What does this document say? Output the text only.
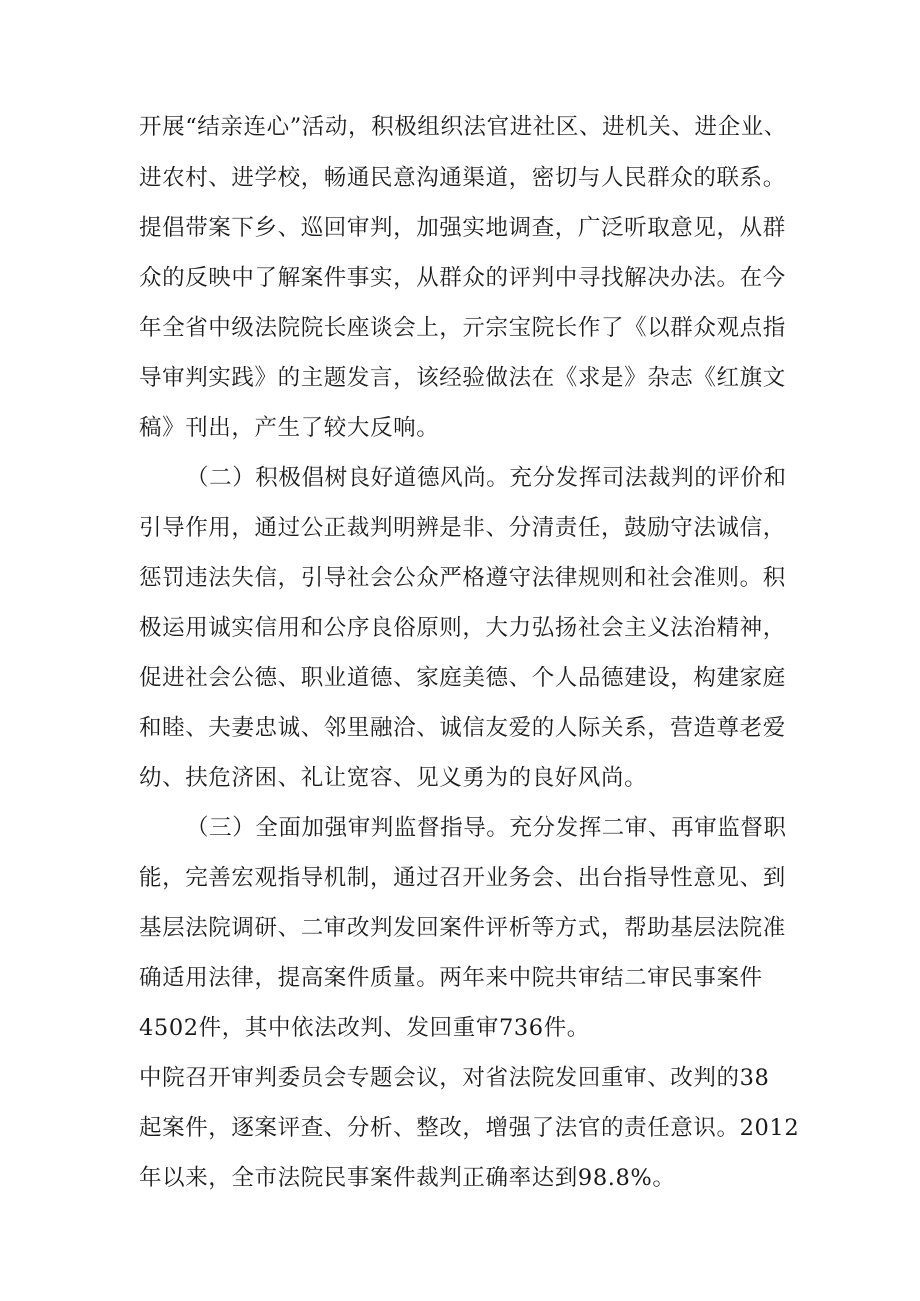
开展“结亲连心”活动，积极组织法官进社区、进机关、进企业、
进农村、进学校，畅通民意沟通渠道，密切与人民群众的联系。
提倡带案下乡、巡回审判，加强实地调查，广泛听取意见，从群
众的反映中了解案件事实，从群众的评判中寻找解决办法。在今
年全省中级法院院长座谈会上，亓宗宝院长作了《以群众观点指
导审判实践》的主题发言，该经验做法在《求是》杂志《红旗文
稿》刊出，产生了较大反响。
（二）积极倡树良好道德风尚。充分发挥司法裁判的评价和
引导作用，通过公正裁判明辨是非、分清责任，鼓励守法诚信，
惩罚违法失信，引导社会公众严格遵守法律规则和社会准则。积
极运用诚实信用和公序良俗原则，大力弘扬社会主义法治精神，
促进社会公德、职业道德、家庭美德、个人品德建设，构建家庭
和睦、夫妻忠诚、邻里融洽、诚信友爱的人际关系，营造尊老爱
幼、扶危济困、礼让宽容、见义勇为的良好风尚。
（三）全面加强审判监督指导。充分发挥二审、再审监督职
能，完善宏观指导机制，通过召开业务会、出台指导性意见、到
基层法院调研、二审改判发回案件评析等方式，帮助基层法院准
确适用法律，提高案件质量。两年来中院共审结二审民事案件
4502件，其中依法改判、发回重审736件。
中院召开审判委员会专题会议，对省法院发回重审、改判的38
起案件，逐案评查、分析、整改，增强了法官的责任意识。2012
年以来，全市法院民事案件裁判正确率达到98.8%。
